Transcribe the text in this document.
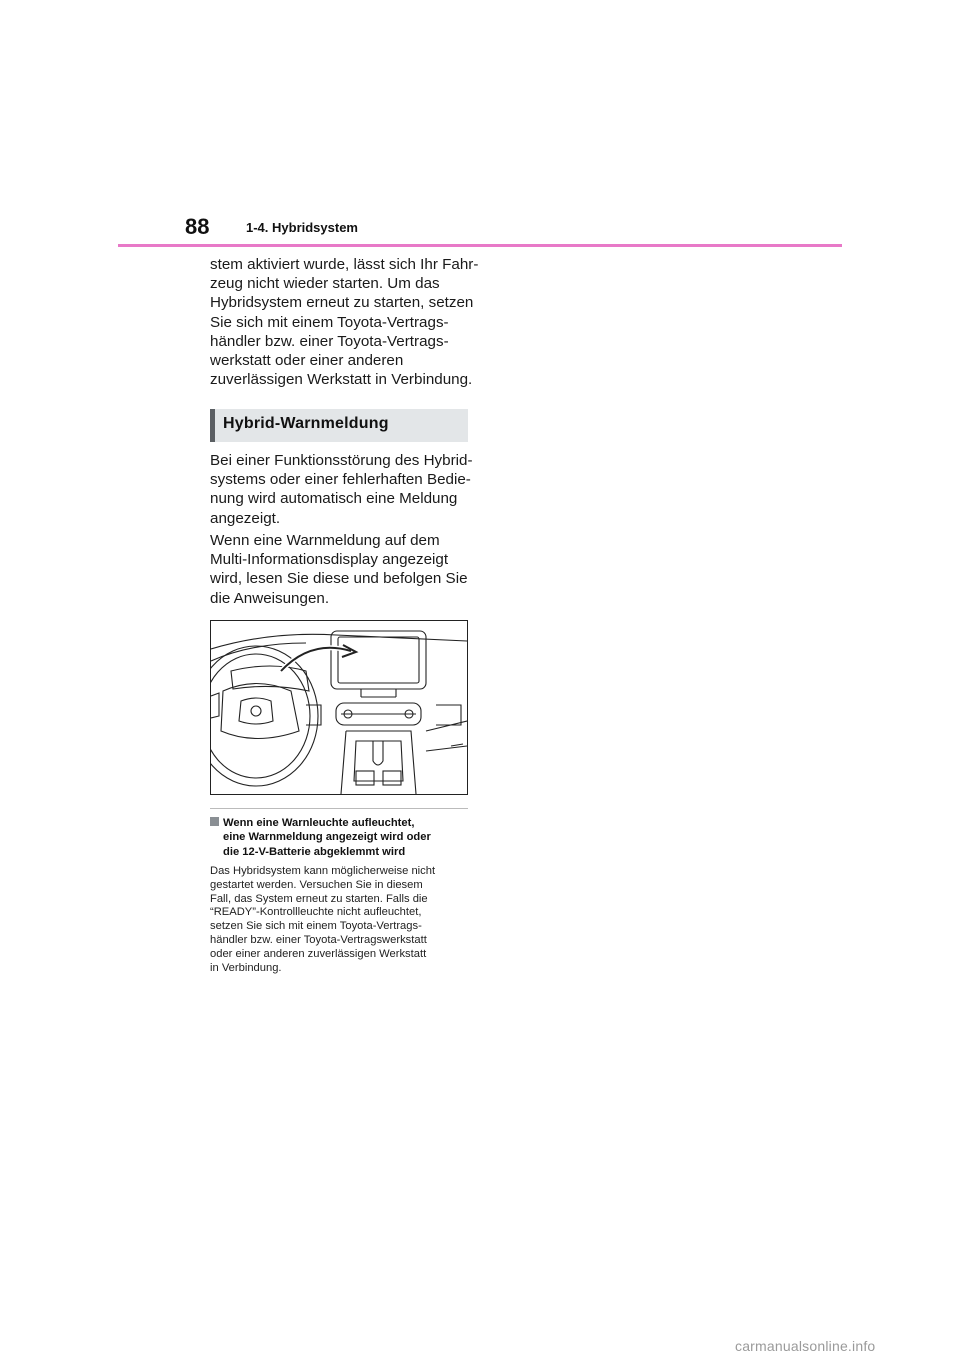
88	1-4. Hybridsystem

stem aktiviert wurde, lässt sich Ihr Fahr-
zeug nicht wieder starten. Um das
Hybridsystem erneut zu starten, setzen
Sie sich mit einem Toyota-Vertrags-
händler bzw. einer Toyota-Vertrags-
werkstatt oder einer anderen
zuverlässigen Werkstatt in Verbindung.

Hybrid-Warnmeldung

Bei einer Funktionsstörung des Hybrid-
systems oder einer fehlerhaften Bedie-
nung wird automatisch eine Meldung
angezeigt.

Wenn eine Warnmeldung auf dem
Multi-Informationsdisplay angezeigt
wird, lesen Sie diese und befolgen Sie
die Anweisungen.

Wenn eine Warnleuchte aufleuchtet,
eine Warnmeldung angezeigt wird oder
die 12-V-Batterie abgeklemmt wird

Das Hybridsystem kann möglicherweise nicht
gestartet werden. Versuchen Sie in diesem
Fall, das System erneut zu starten. Falls die
“READY”-Kontrollleuchte nicht aufleuchtet,
setzen Sie sich mit einem Toyota-Vertrags-
händler bzw. einer Toyota-Vertragswerkstatt
oder einer anderen zuverlässigen Werkstatt
in Verbindung.

carmanualsonline.info
